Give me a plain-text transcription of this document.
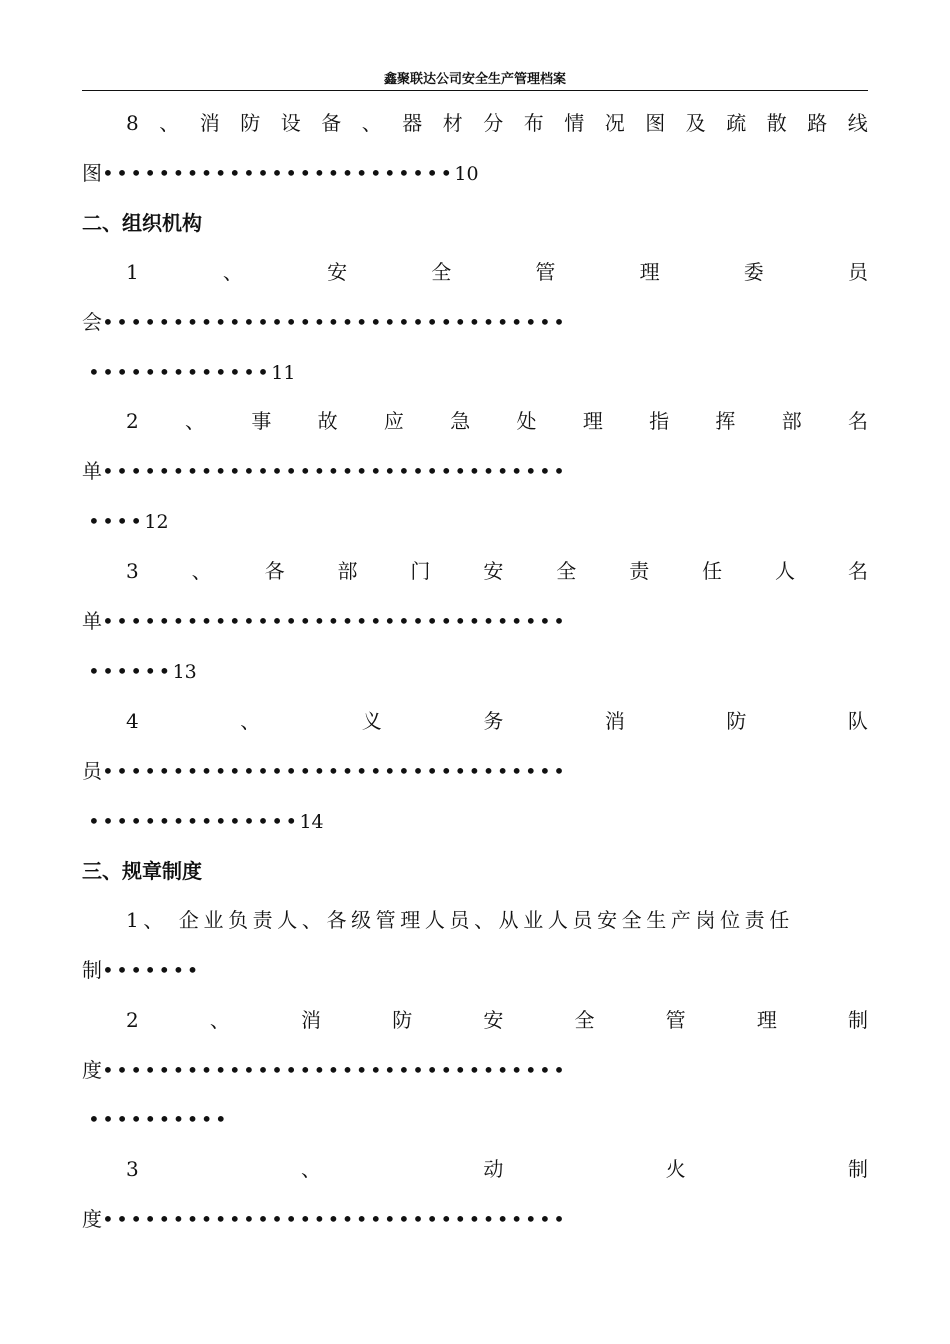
鑫聚联达公司安全生产管理档案
8 、 消 防 设 备 、 器 材 分 布 情 况 图 及 疏 散 路 线
图•••••••••••••••••••••••••10
二、组织机构
1	、	安	全	管	理	委	员
会•••••••••••••••••••••••••••••••••
•••••••••••••11
2 、 事 故 应 急 处 理 指 挥 部 名
单•••••••••••••••••••••••••••••••••
••••12
3	、	各	部	门	安	全	责	任	人	名
单•••••••••••••••••••••••••••••••••
••••••13
4	、	义	务	消	防	队
员•••••••••••••••••••••••••••••••••
•••••••••••••••14
三、规章制度
1、 企业负责人、各级管理人员、从业人员安全生产岗位责任
制•••••••
2	、	消	防	安	全	管	理	制
度•••••••••••••••••••••••••••••••••
••••••••••
3	、	动	火	制
度•••••••••••••••••••••••••••••••••
